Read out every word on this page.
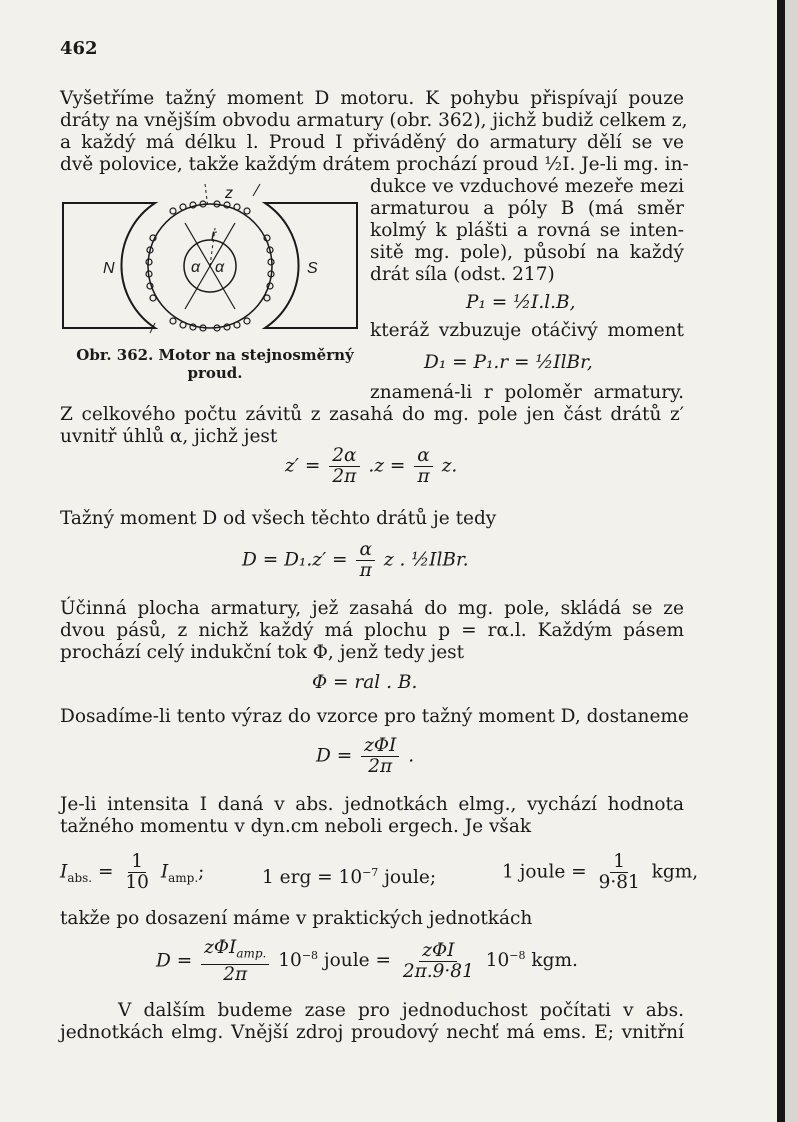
462
Vyšetříme tažný moment D motoru. K pohybu přispívají pouze
dráty na vnějším obvodu armatury (obr. 362), jichž budiž celkem z,
a každý má délku l. Proud I přiváděný do armatury dělí se ve
dvě polovice, takže každým drátem prochází proud ½I. Je-li mg. in-
dukce ve vzduchové mezeře mezi
armaturou a póly B (má směr
kolmý k plášti a rovná se inten-
sitě mg. pole), působí na každý
drát síla (odst. 217)
P₁ = ½I.l.B,
kteráž vzbuzuje otáčivý moment
D₁ = P₁.r = ½IlBr,
znamená-li r poloměr armatury.
N	S
z
r
α α
Obr. 362. Motor na stejnosměrný proud.
Z celkového počtu závitů z zasahá do mg. pole jen část drátů z′
uvnitř úhlů α, jichž jest
$z' = \frac{2\alpha}{2\pi} .z = \frac{\alpha}{\pi} z$.
Tažný moment D od všech těchto drátů je tedy
$D = D_1.z' = \frac{\alpha}{\pi}$ z . ½IlBr.
Účinná plocha armatury, jež zasahá do mg. pole, skládá se ze
dvou pásů, z nichž každý má plochu p = rα.l. Každým pásem
prochází celý indukční tok Φ, jenž tedy jest
Φ = ral . B.
Dosadíme-li tento výraz do vzorce pro tažný moment D, dostaneme
$D = \frac{\text{zΦI}}{2\pi}$ .
Je-li intensita I daná v abs. jednotkách elmg., vychází hodnota
tažného momentu v dyn.cm neboli ergech. Je však
$I_{abs.} = \frac{1}{10} I_{amp.}$;	1 erg = $10^{-7}$ joule;	1 joule = $\frac{1}{9\cdot 81}$ kgm,
takže po dosazení máme v praktických jednotkách
$D = \frac{z\Phi I_{amp.}}{2\pi} 10^{-8}$ joule = $\frac{\text{zΦI}}{2\pi.9\cdot 81} 10^{-8}$ kgm.
V dalším budeme zase pro jednoduchost počítati v abs.
jednotkách elmg. Vnější zdroj proudový nechť má ems. E; vnitřní
